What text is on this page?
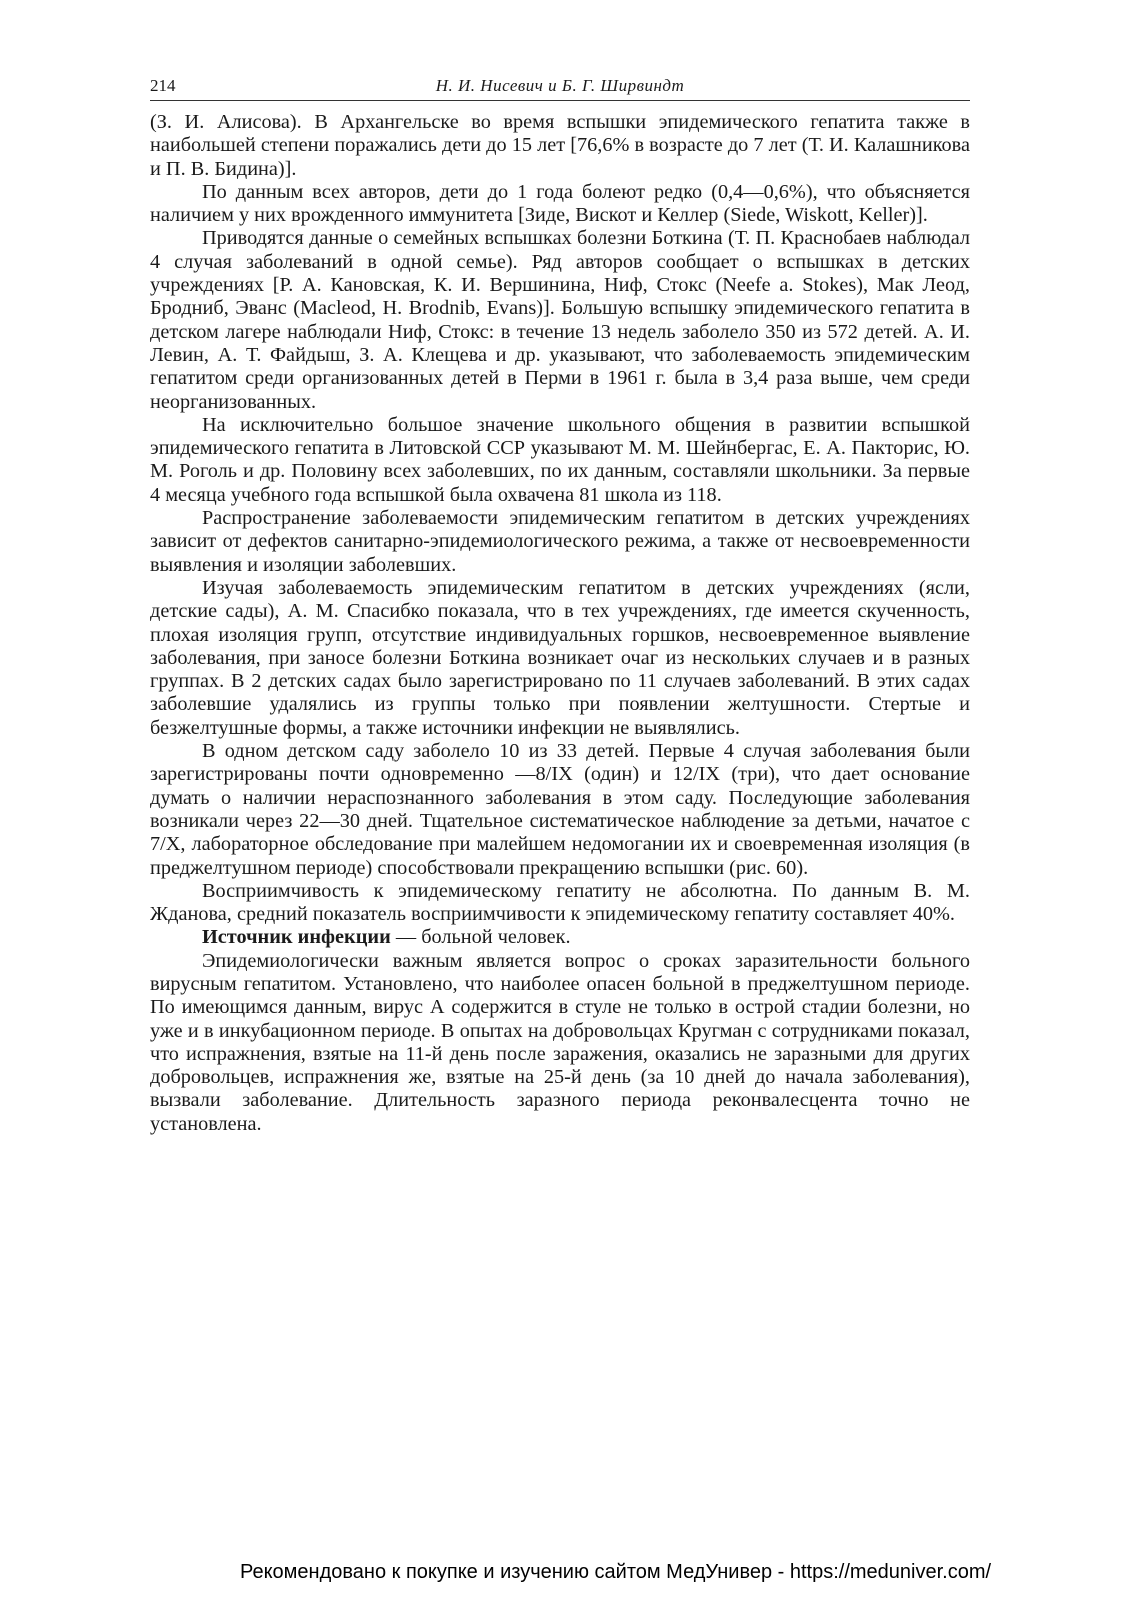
214	Н. И. Нисевич и Б. Г. Ширвиндт

(З. И. Алисова). В Архангельске во время вспышки эпидемического гепатита также в наибольшей степени поражались дети до 15 лет [76,6% в возрасте до 7 лет (Т. И. Калашникова и П. В. Бидина)].

По данным всех авторов, дети до 1 года болеют редко (0,4—0,6%), что объясняется наличием у них врожденного иммунитета [Зиде, Вискот и Келлер (Siede, Wiskott, Keller)].

Приводятся данные о семейных вспышках болезни Боткина (Т. П. Краснобаев наблюдал 4 случая заболеваний в одной семье). Ряд авторов сообщает о вспышках в детских учреждениях [Р. А. Кановская, К. И. Вершинина, Ниф, Стокс (Neefe a. Stokes), Мак Леод, Бродниб, Эванс (Macleod, H. Brodnib, Evans)]. Большую вспышку эпидемического гепатита в детском лагере наблюдали Ниф, Стокс: в течение 13 недель заболело 350 из 572 детей. А. И. Левин, А. Т. Файдыш, З. А. Клещева и др. указывают, что заболеваемость эпидемическим гепатитом среди организованных детей в Перми в 1961 г. была в 3,4 раза выше, чем среди неорганизованных.

На исключительно большое значение школьного общения в развитии вспышкой эпидемического гепатита в Литовской ССР указывают М. М. Шейнбергас, Е. А. Пакторис, Ю. М. Роголь и др. Половину всех заболевших, по их данным, составляли школьники. За первые 4 месяца учебного года вспышкой была охвачена 81 школа из 118.

Распространение заболеваемости эпидемическим гепатитом в детских учреждениях зависит от дефектов санитарно-эпидемиологического режима, а также от несвоевременности выявления и изоляции заболевших.

Изучая заболеваемость эпидемическим гепатитом в детских учреждениях (ясли, детские сады), А. М. Спасибко показала, что в тех учреждениях, где имеется скученность, плохая изоляция групп, отсутствие индивидуальных горшков, несвоевременное выявление заболевания, при заносе болезни Боткина возникает очаг из нескольких случаев и в разных группах. В 2 детских садах было зарегистрировано по 11 случаев заболеваний. В этих садах заболевшие удалялись из группы только при появлении желтушности. Стертые и безжелтушные формы, а также источники инфекции не выявлялись.

В одном детском саду заболело 10 из 33 детей. Первые 4 случая заболевания были зарегистрированы почти одновременно —8/IX (один) и 12/IX (три), что дает основание думать о наличии нераспознанного заболевания в этом саду. Последующие заболевания возникали через 22—30 дней. Тщательное систематическое наблюдение за детьми, начатое с 7/X, лабораторное обследование при малейшем недомогании их и своевременная изоляция (в преджелтушном периоде) способствовали прекращению вспышки (рис. 60).

Восприимчивость к эпидемическому гепатиту не абсолютна. По данным В. М. Жданова, средний показатель восприимчивости к эпидемическому гепатиту составляет 40%.

Источник инфекции — больной человек.

Эпидемиологически важным является вопрос о сроках заразительности больного вирусным гепатитом. Установлено, что наиболее опасен больной в преджелтушном периоде. По имеющимся данным, вирус А содержится в стуле не только в острой стадии болезни, но уже и в инкубационном периоде. В опытах на добровольцах Кругман с сотрудниками показал, что испражнения, взятые на 11-й день после заражения, оказались не заразными для других добровольцев, испражнения же, взятые на 25-й день (за 10 дней до начала заболевания), вызвали заболевание. Длительность заразного периода реконвалесцента точно не установлена.

Рекомендовано к покупке и изучению сайтом МедУнивер - https://meduniver.com/
